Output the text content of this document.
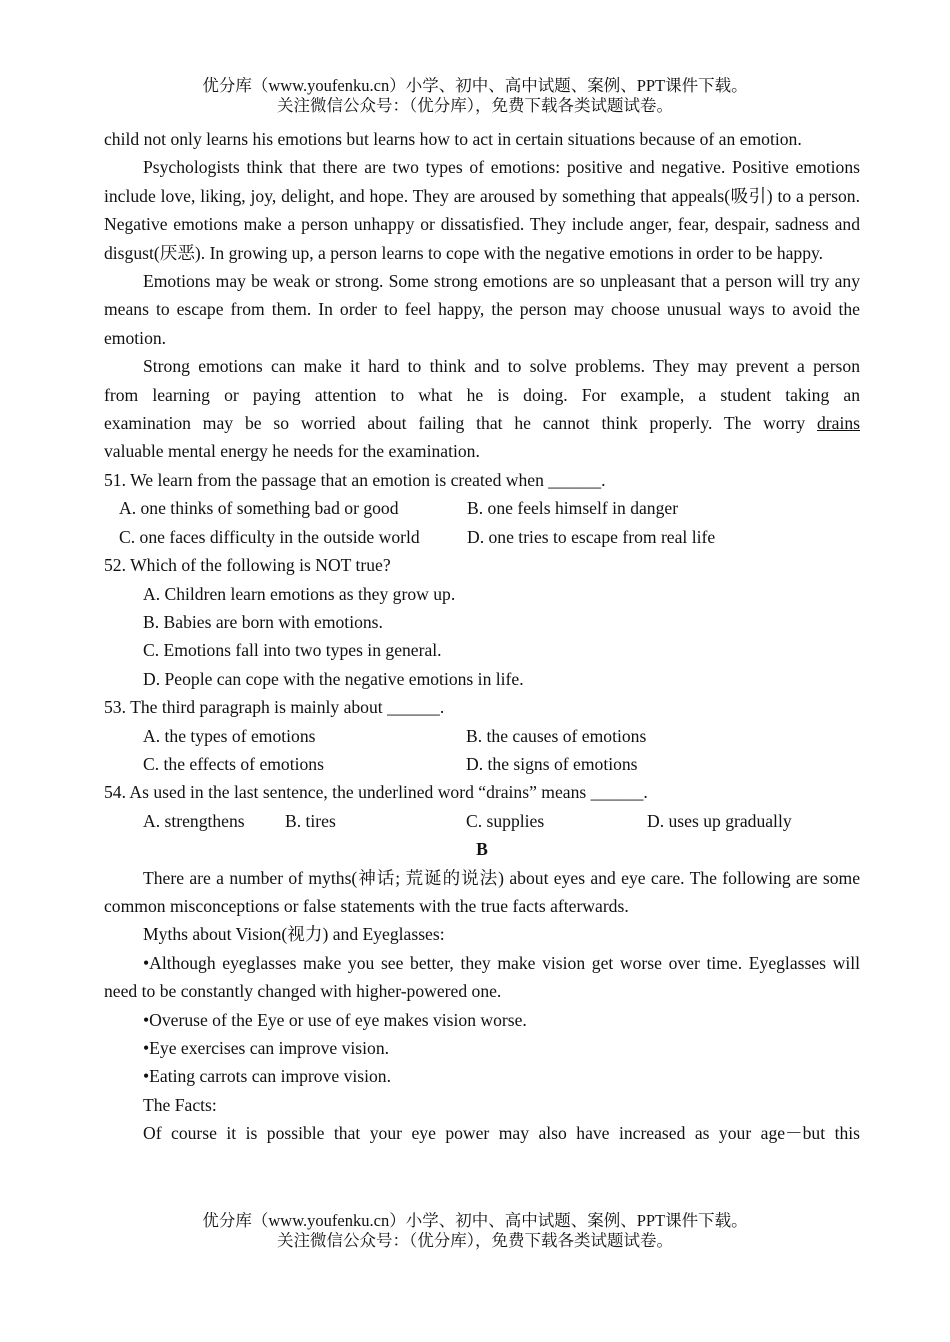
优分库（www.youfenku.cn）小学、初中、高中试题、案例、PPT课件下载。
关注微信公众号：（优分库），免费下载各类试题试卷。

child not only learns his emotions but learns how to act in certain situations because of an emotion.

Psychologists think that there are two types of emotions: positive and negative. Positive emotions include love, liking, joy, delight, and hope. They are aroused by something that appeals(吸引) to a person. Negative emotions make a person unhappy or dissatisfied. They include anger, fear, despair, sadness and disgust(厌恶). In growing up, a person learns to cope with the negative emotions in order to be happy.

Emotions may be weak or strong. Some strong emotions are so unpleasant that a person will try any means to escape from them. In order to feel happy, the person may choose unusual ways to avoid the emotion.

Strong emotions can make it hard to think and to solve problems. They may prevent a person

from learning or paying attention to what he is doing. For example, a student taking an

examination may be so worried about failing that he cannot think properly. The worry drains

valuable mental energy he needs for the examination.

51. We learn from the passage that an emotion is created when ______.

A. one thinks of something bad or good	B. one feels himself in danger
C. one faces difficulty in the outside world	D. one tries to escape from real life

52. Which of the following is NOT true?

A. Children learn emotions as they grow up.

B. Babies are born with emotions.

C. Emotions fall into two types in general.

D. People can cope with the negative emotions in life.

53. The third paragraph is mainly about ______.

A. the types of emotions	B. the causes of emotions
C. the effects of emotions	D. the signs of emotions

54. As used in the last sentence, the underlined word “drains” means ______.

A. strengthens	B. tires	C. supplies	D. uses up gradually

B

There are a number of myths(神话; 荒诞的说法) about eyes and eye care. The following are some common misconceptions or false statements with the true facts afterwards.

Myths about Vision(视力) and Eyeglasses:

•Although eyeglasses make you see better, they make vision get worse over time. Eyeglasses will need to be constantly changed with higher-powered one.

•Overuse of the Eye or use of eye makes vision worse.

•Eye exercises can improve vision.

•Eating carrots can improve vision.

The Facts:

Of course it is possible that your eye power may also have increased as your age－but this

优分库（www.youfenku.cn）小学、初中、高中试题、案例、PPT课件下载。
关注微信公众号：（优分库），免费下载各类试题试卷。
